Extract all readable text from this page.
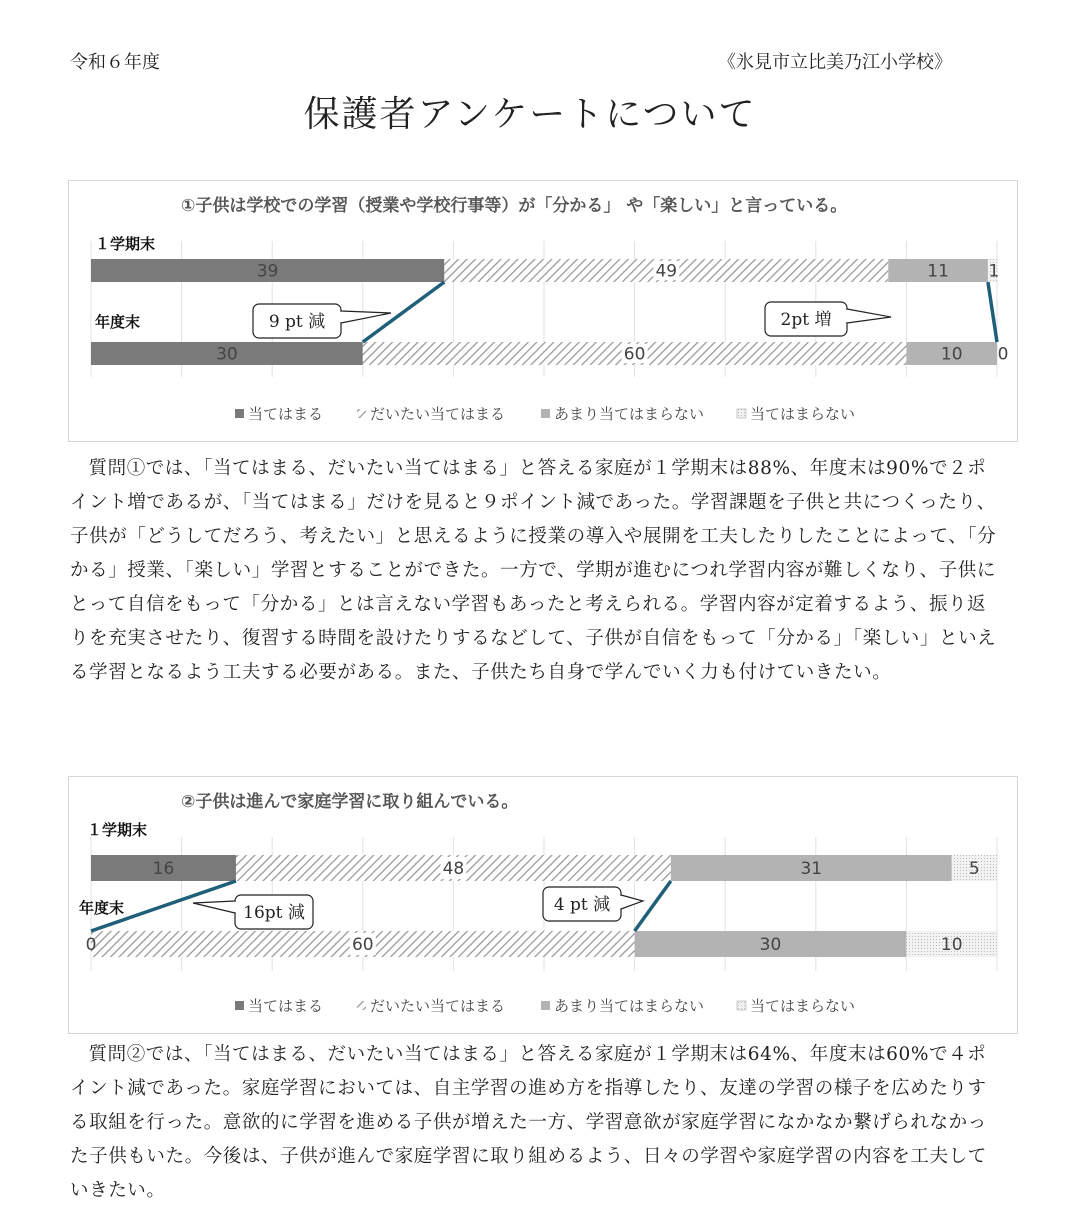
令和６年度	《氷見市立比美乃江小学校》
保護者アンケートについて
①子供は学校での学習（授業や学校行事等）が「分かる」 や「楽しい」と言っている。
１学期末
年度末
39	49	11 1
30	60	10 0
9 pt 減	2pt 増
当てはまる	だいたい当てはまる	あまり当てはまらない	当てはまらない

質問①では、「当てはまる、だいたい当てはまる」と答える家庭が１学期末は88%、年度末は90%で２ポイント増であるが、「当てはまる」だけを見ると９ポイント減であった。学習課題を子供と共につくったり、子供が「どうしてだろう、考えたい」と思えるように授業の導入や展開を工夫したりしたことによって、「分かる」授業、「楽しい」学習とすることができた。一方で、学期が進むにつれ学習内容が難しくなり、子供にとって自信をもって「分かる」とは言えない学習もあったと考えられる。学習内容が定着するよう、振り返りを充実させたり、復習する時間を設けたりするなどして、子供が自信をもって「分かる」「楽しい」といえる学習となるよう工夫する必要がある。また、子供たち自身で学んでいく力も付けていきたい。

②子供は進んで家庭学習に取り組んでいる。
１学期末
年度末
16	48	31	5
0	60	30	10
16pt 減	4 pt 減
当てはまる	だいたい当てはまる	あまり当てはまらない	当てはまらない

質問②では、「当てはまる、だいたい当てはまる」と答える家庭が１学期末は64%、年度末は60%で４ポイント減であった。家庭学習においては、自主学習の進め方を指導したり、友達の学習の様子を広めたりする取組を行った。意欲的に学習を進める子供が増えた一方、学習意欲が家庭学習になかなか繋げられなかった子供もいた。今後は、子供が進んで家庭学習に取り組めるよう、日々の学習や家庭学習の内容を工夫していきたい。
